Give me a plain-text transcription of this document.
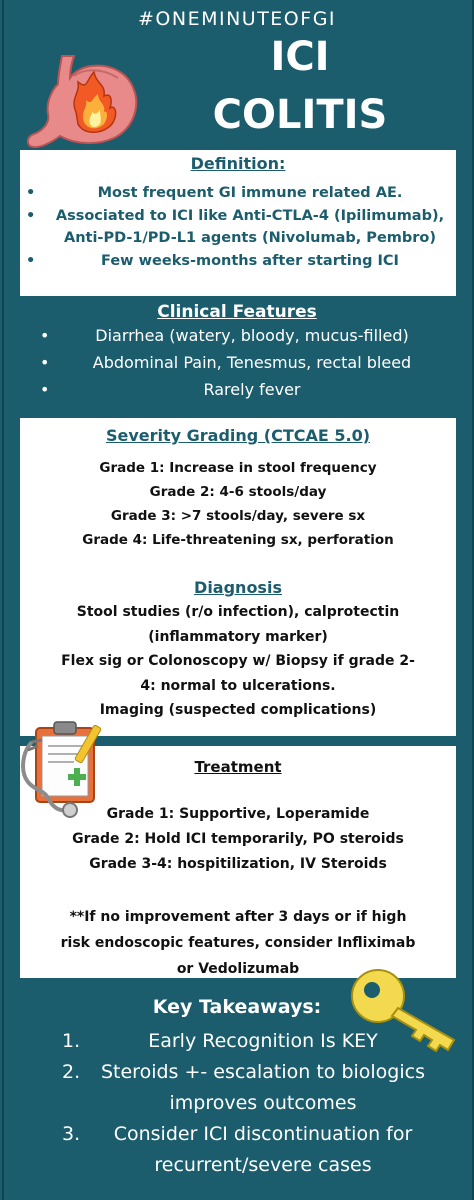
#ONEMINUTEOFGI
ICI
COLITIS
Definition:
•	Most frequent GI immune related AE.
• Associated to ICI like Anti-CTLA-4 (Ipilimumab), Anti-PD-1/PD-L1 agents (Nivolumab, Pembro)
•	Few weeks-months after starting ICI
Clinical Features
•	Diarrhea (watery, bloody, mucus-filled)
•	Abdominal Pain, Tenesmus, rectal bleed
•	Rarely fever
Severity Grading (CTCAE 5.0)
Grade 1: Increase in stool frequency
Grade 2: 4-6 stools/day
Grade 3: >7 stools/day, severe sx
Grade 4: Life-threatening sx, perforation
Diagnosis
Stool studies (r/o infection), calprotectin
(inflammatory marker)
Flex sig or Colonoscopy w/ Biopsy if grade 2-
4: normal to ulcerations.
Imaging (suspected complications)
Treatment
Grade 1: Supportive, Loperamide
Grade 2: Hold ICI temporarily, PO steroids
Grade 3-4: hospitilization, IV Steroids
**If no improvement after 3 days or if high
risk endoscopic features, consider Infliximab
or Vedolizumab
Key Takeaways:
1.	Early Recognition Is KEY
2. Steroids +- escalation to biologics improves outcomes
3. Consider ICI discontinuation for recurrent/severe cases
